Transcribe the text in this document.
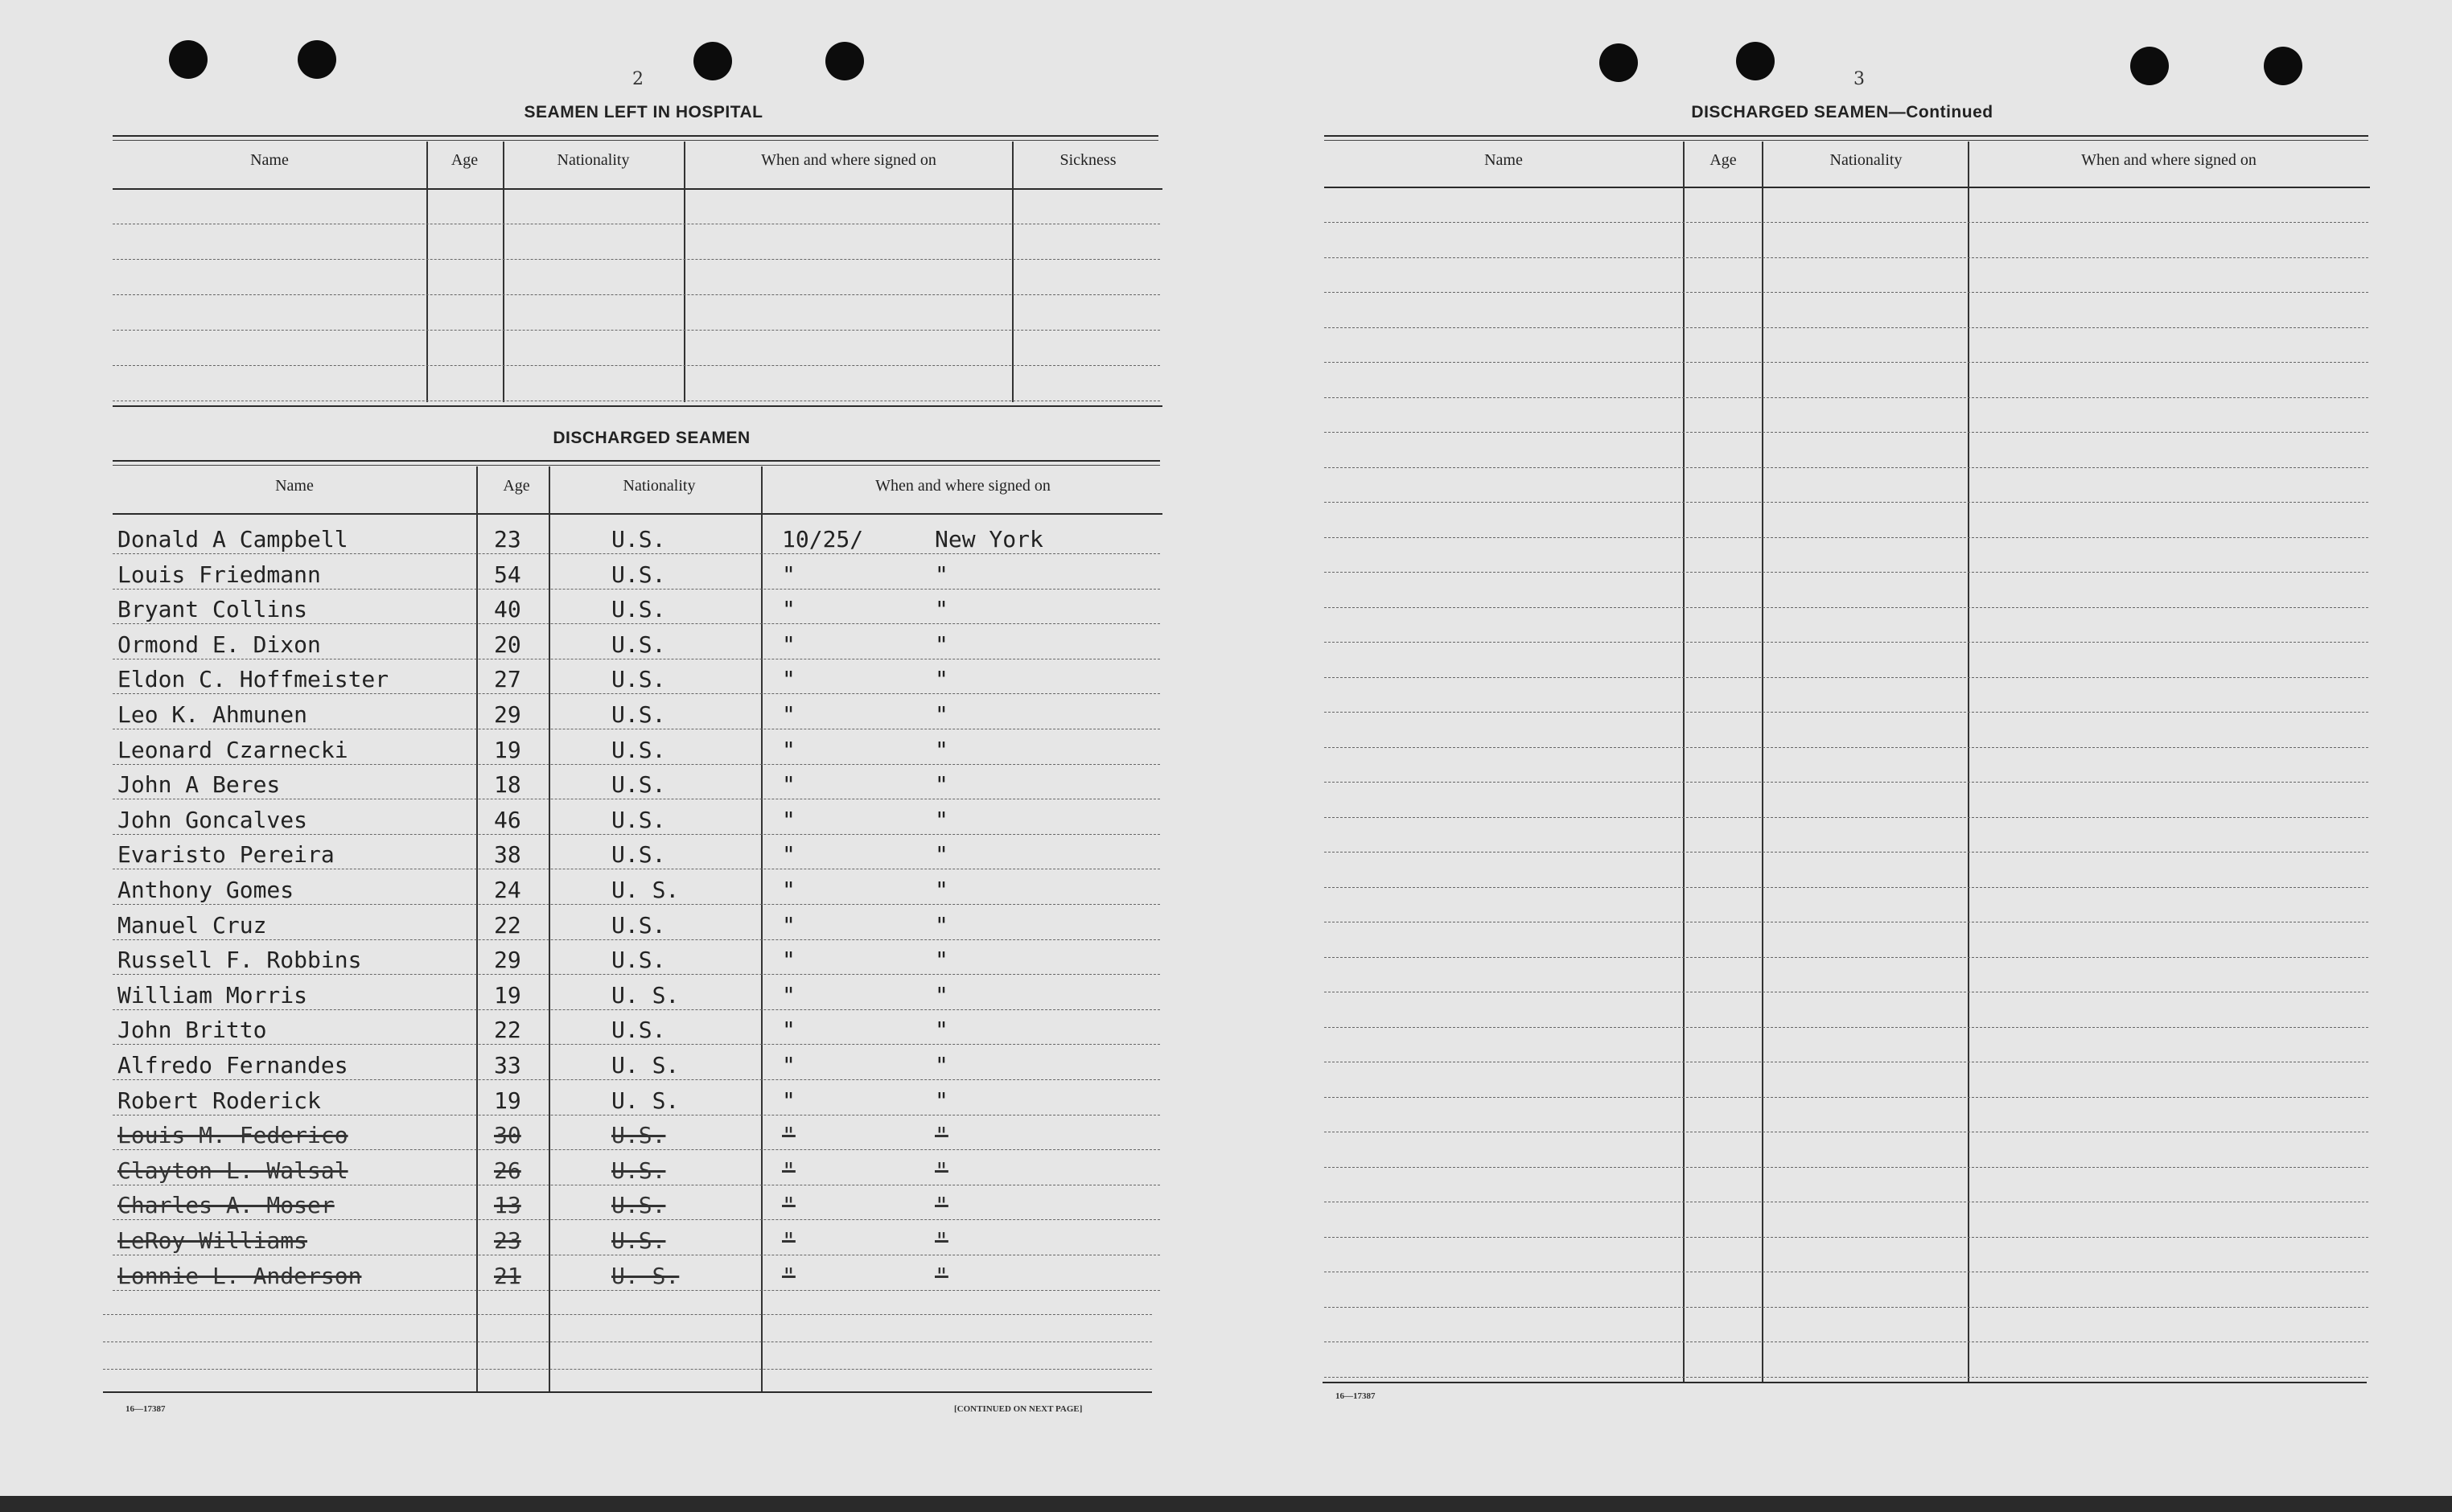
2
SEAMEN LEFT IN HOSPITAL
Name	Age	Nationality	When and where signed on	Sickness
DISCHARGED SEAMEN
Name	Age	Nationality	When and where signed on
16—17387	[CONTINUED ON NEXT PAGE]
3
DISCHARGED SEAMEN—Continued
Name	Age	Nationality	When and where signed on
16—17387
Donald A Campbell	23	U.S.	10/25/	New York
Louis Friedmann	54	U.S.	"	"
Bryant Collins	40	U.S.	"	"
Ormond E. Dixon	20	U.S.	"	"
Eldon C. Hoffmeister	27	U.S.	"	"
Leo K. Ahmunen	29	U.S.	"	"
Leonard Czarnecki	19	U.S.	"	"
John A Beres	18	U.S.	"	"
John Goncalves	46	U.S.	"	"
Evaristo Pereira	38	U.S.	"	"
Anthony Gomes	24	U. S.	"	"
Manuel Cruz	22	U.S.	"	"
Russell F. Robbins	29	U.S.	"	"
William Morris	19	U. S.	"	"
John Britto	22	U.S.	"	"
Alfredo Fernandes	33	U. S.	"	"
Robert Roderick	19	U. S.	"	"
Louis M. Federico	30	U.S.	"	"
Clayton L. Walsal	26	U.S.	"	"
Charles A. Moser	13	U.S.	"	"
LeRoy Williams	23	U.S.	"	"
Lonnie L. Anderson	21	U. S.	"	"
